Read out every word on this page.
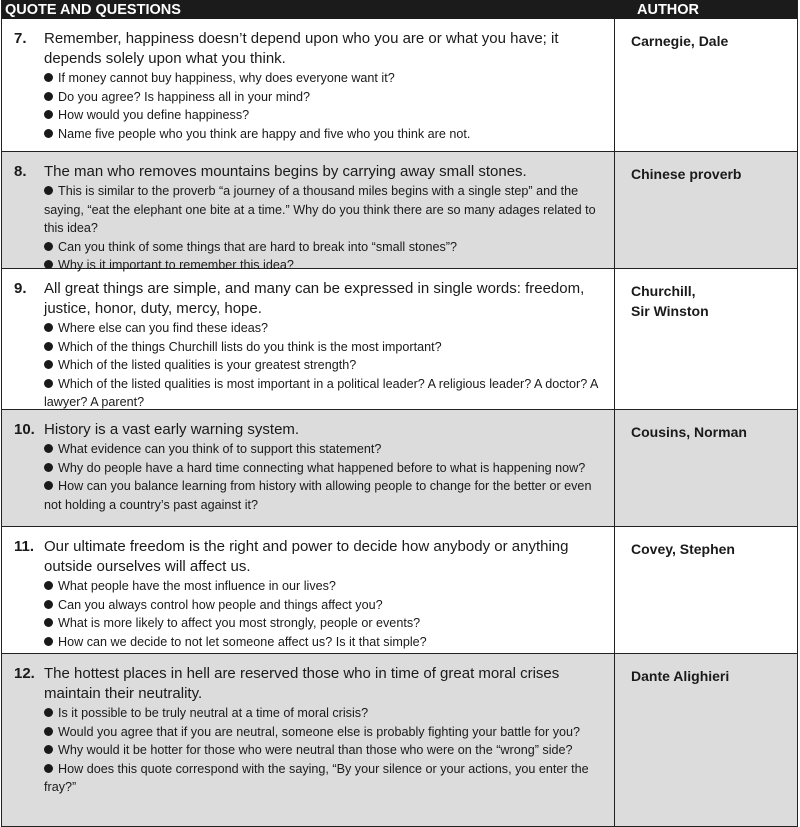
QUOTE AND QUESTIONS	AUTHOR
7.	Remember, happiness doesn’t depend upon who you are or what you have; it depends solely upon what you think.
If money cannot buy happiness, why does everyone want it?
Do you agree? Is happiness all in your mind?
How would you define happiness?
Name five people who you think are happy and five who you think are not.
Carnegie, Dale
8.	The man who removes mountains begins by carrying away small stones.
This is similar to the proverb “a journey of a thousand miles begins with a single step” and the saying, “eat the elephant one bite at a time.” Why do you think there are so many adages related to this idea?
Can you think of some things that are hard to break into “small stones”?
Why is it important to remember this idea?
Chinese proverb
9.	All great things are simple, and many can be expressed in single words: freedom, justice, honor, duty, mercy, hope.
Where else can you find these ideas?
Which of the things Churchill lists do you think is the most important?
Which of the listed qualities is your greatest strength?
Which of the listed qualities is most important in a political leader? A religious leader? A doctor? A lawyer? A parent?
Churchill,
Sir Winston
10. History is a vast early warning system.
What evidence can you think of to support this statement?
Why do people have a hard time connecting what happened before to what is happening now?
How can you balance learning from history with allowing people to change for the better or even not holding a country’s past against it?
Cousins, Norman
11. Our ultimate freedom is the right and power to decide how anybody or anything outside ourselves will affect us.
What people have the most influence in our lives?
Can you always control how people and things affect you?
What is more likely to affect you most strongly, people or events?
How can we decide to not let someone affect us? Is it that simple?
Covey, Stephen
12. The hottest places in hell are reserved those who in time of great moral crises maintain their neutrality.
Is it possible to be truly neutral at a time of moral crisis?
Would you agree that if you are neutral, someone else is probably fighting your battle for you?
Why would it be hotter for those who were neutral than those who were on the “wrong” side?
How does this quote correspond with the saying, “By your silence or your actions, you enter the fray?”
Dante Alighieri
